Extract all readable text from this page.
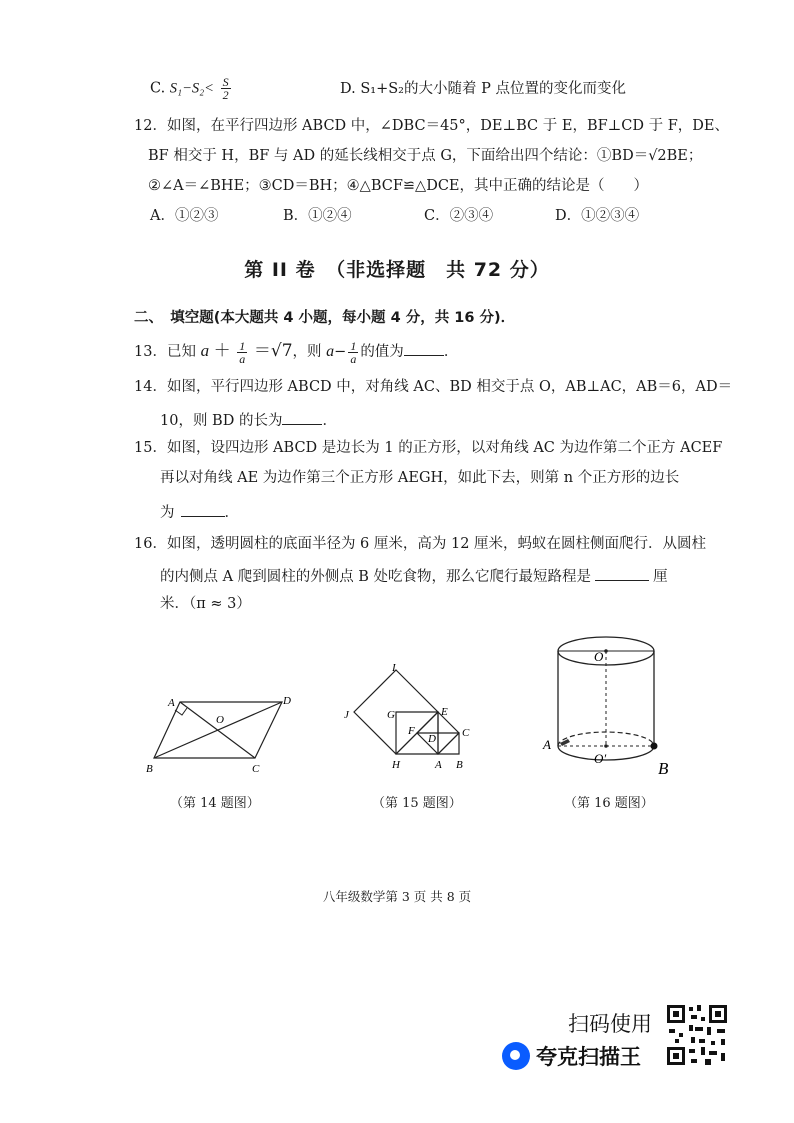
C. $S_1-S_2< \frac{S}{2}$	D. S₁+S₂的大小随着 P 点位置的变化而变化
12．如图，在平行四边形 ABCD 中，∠DBC＝45°，DE⊥BC 于 E，BF⊥CD 于 F，DE、
BF 相交于 H，BF 与 AD 的延长线相交于点 G，下面给出四个结论：①BD＝√2BE；
②∠A＝∠BHE；③CD＝BH；④△BCF≌△DCE，其中正确的结论是（　　）
A．①②③	B．①②④	C．②③④	D．①②③④
第 II 卷　（非选择题　共 72 分）
二、　填空题(本大题共 4 小题，每小题 4 分，共 16 分)．
13．已知 $a + \frac{1}{a} =√7$，则 $a- \frac{1}{a}$ 的值为	．
14．如图，平行四边形 ABCD 中，对角线 AC、BD 相交于点 O，AB⊥AC，AB＝6，AD＝
10，则 BD 的长为	．
15．如图，设四边形 ABCD 是边长为 1 的正方形，以对角线 AC 为边作第二个正方 ACEF
再以对角线 AE 为边作第三个正方形 AEGH，如此下去，则第 n 个正方形的边长
为	．
16．如图，透明圆柱的底面半径为 6 厘米，高为 12 厘米，蚂蚁在圆柱侧面爬行．从圆柱
的内侧点 A 爬到圆柱的外侧点 B 处吃食物，那么它爬行最短路程是	厘
米．（π ≈ 3）
A	D
O
B	C
（第 14 题图）
I
J	G	E
F
D C
H	A B
（第 15 题图）
O
O′
A
B
（第 16 题图）
八年级数学第 3 页 共 8 页
扫码使用
夸克扫描王
